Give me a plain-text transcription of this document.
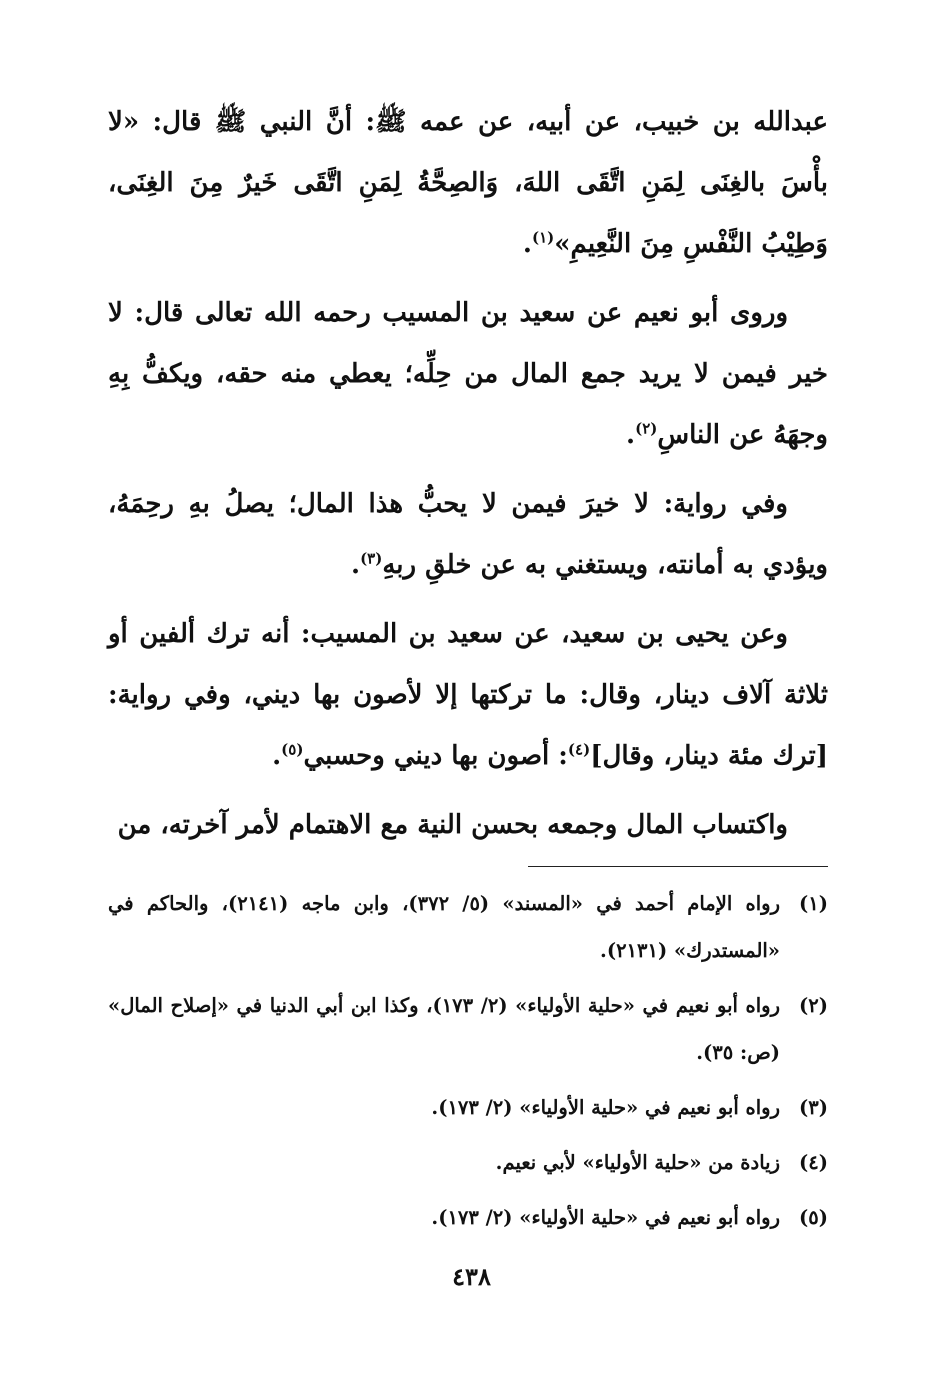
عبدالله بن خبيب، عن أبيه، عن عمه ﷺ: أنَّ النبي ﷺ قال: «لا بأْسَ بالغِنَى لِمَنِ اتَّقَى اللهَ، وَالصِحَّةُ لِمَنِ اتَّقَى خَيرٌ مِنَ الغِنَى، وَطِيْبُ النَّفْسِ مِنَ النَّعِيمِ»$^{(١)}$.

وروى أبو نعيم عن سعيد بن المسيب رحمه الله تعالى قال: لا خير فيمن لا يريد جمع المال من حِلِّه؛ يعطي منه حقه، ويكفُّ بِهِ وجهَهُ عن الناسِ$^{(٢)}$.

وفي رواية: لا خيرَ فيمن لا يحبُّ هذا المال؛ يصلُ بهِ رحِمَهُ، ويؤدي به أمانته، ويستغني به عن خلقِ ربهِ$^{(٣)}$.

وعن يحيى بن سعيد، عن سعيد بن المسيب: أنه ترك ألفين أو ثلاثة آلاف دينار، وقال: ما تركتها إلا لأصون بها ديني، وفي رواية: [ترك مئة دينار، وقال]$^{(٤)}$: أصون بها ديني وحسبي$^{(٥)}$.

واكتساب المال وجمعه بحسن النية مع الاهتمام لأمر آخرته، من

(١)
رواه الإمام أحمد في «المسند» (٥/ ٣٧٢)، وابن ماجه (٢١٤١)، والحاكم في «المستدرك» (٢١٣١).
(٢)
رواه أبو نعيم في «حلية الأولياء» (٢/ ١٧٣)، وكذا ابن أبي الدنيا في «إصلاح المال» (ص: ٣٥).
(٣)
رواه أبو نعيم في «حلية الأولياء» (٢/ ١٧٣).
(٤)
زيادة من «حلية الأولياء» لأبي نعيم.
(٥)
رواه أبو نعيم في «حلية الأولياء» (٢/ ١٧٣).
٤٣٨
